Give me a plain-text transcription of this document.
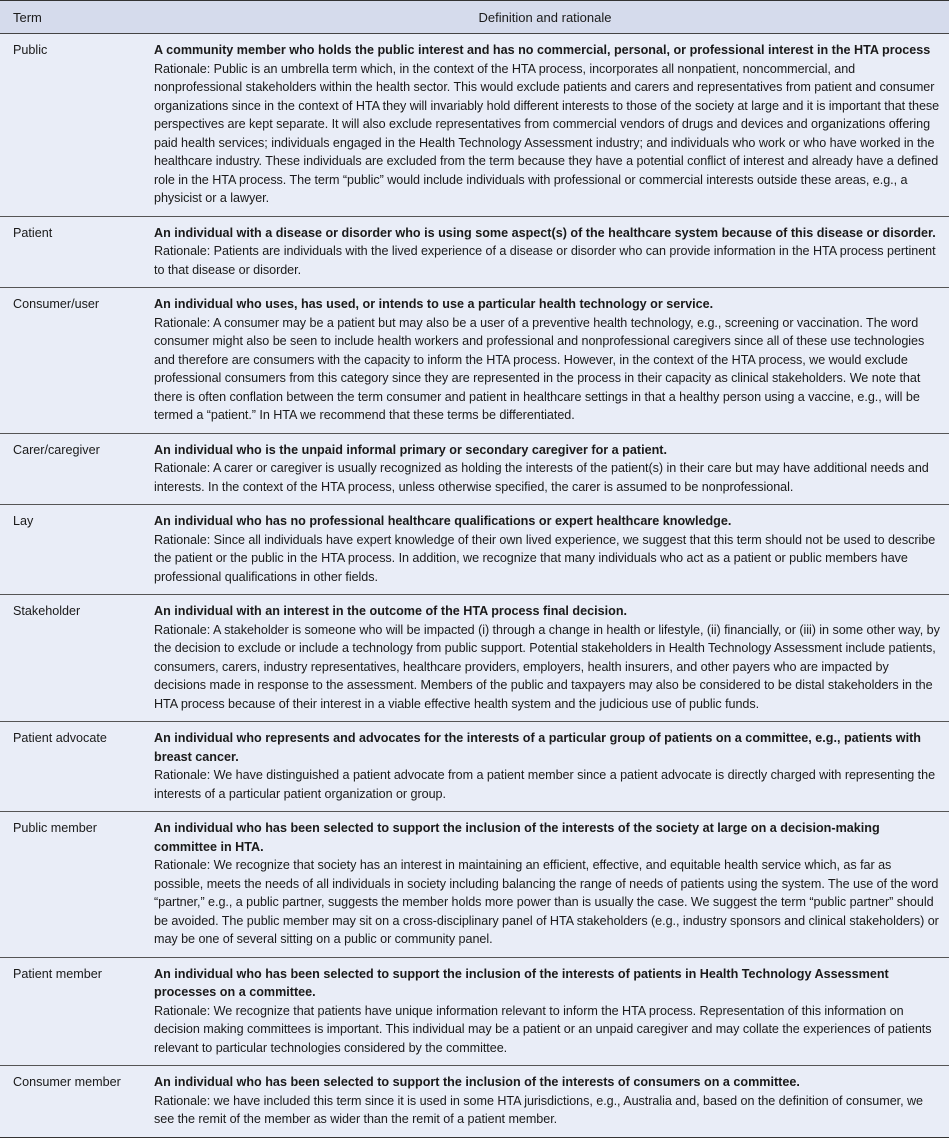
Term	Definition and rationale
Public	A community member who holds the public interest and has no commercial, personal, or professional interest in the HTA process
Rationale: Public is an umbrella term which, in the context of the HTA process, incorporates all nonpatient, noncommercial, and nonprofessional stakeholders within the health sector. This would exclude patients and carers and representatives from patient and consumer organizations since in the context of HTA they will invariably hold different interests to those of the society at large and it is important that these perspectives are kept separate. It will also exclude representatives from commercial vendors of drugs and devices and organizations offering paid health services; individuals engaged in the Health Technology Assessment industry; and individuals who work or who have worked in the healthcare industry. These individuals are excluded from the term because they have a potential conflict of interest and already have a defined role in the HTA process. The term “public” would include individuals with professional or commercial interests outside these areas, e.g., a physicist or a lawyer.

Patient	An individual with a disease or disorder who is using some aspect(s) of the healthcare system because of this disease or disorder.
Rationale: Patients are individuals with the lived experience of a disease or disorder who can provide information in the HTA process pertinent to that disease or disorder.

Consumer/user	An individual who uses, has used, or intends to use a particular health technology or service.
Rationale: A consumer may be a patient but may also be a user of a preventive health technology, e.g., screening or vaccination. The word consumer might also be seen to include health workers and professional and nonprofessional caregivers since all of these use technologies and therefore are consumers with the capacity to inform the HTA process. However, in the context of the HTA process, we would exclude professional consumers from this category since they are represented in the process in their capacity as clinical stakeholders. We note that there is often conflation between the term consumer and patient in healthcare settings in that a healthy person using a vaccine, e.g., will be termed a “patient.” In HTA we recommend that these terms be differentiated.

Carer/caregiver	An individual who is the unpaid informal primary or secondary caregiver for a patient.
Rationale: A carer or caregiver is usually recognized as holding the interests of the patient(s) in their care but may have additional needs and interests. In the context of the HTA process, unless otherwise specified, the carer is assumed to be nonprofessional.

Lay	An individual who has no professional healthcare qualifications or expert healthcare knowledge.
Rationale: Since all individuals have expert knowledge of their own lived experience, we suggest that this term should not be used to describe the patient or the public in the HTA process. In addition, we recognize that many individuals who act as a patient or public members have professional qualifications in other fields.

Stakeholder	An individual with an interest in the outcome of the HTA process final decision.
Rationale: A stakeholder is someone who will be impacted (i) through a change in health or lifestyle, (ii) financially, or (iii) in some other way, by the decision to exclude or include a technology from public support. Potential stakeholders in Health Technology Assessment include patients, consumers, carers, industry representatives, healthcare providers, employers, health insurers, and other payers who are impacted by decisions made in response to the assessment. Members of the public and taxpayers may also be considered to be distal stakeholders in the HTA process because of their interest in a viable effective health system and the judicious use of public funds.

Patient advocate	An individual who represents and advocates for the interests of a particular group of patients on a committee, e.g., patients with breast cancer.
Rationale: We have distinguished a patient advocate from a patient member since a patient advocate is directly charged with representing the interests of a particular patient organization or group.

Public member	An individual who has been selected to support the inclusion of the interests of the society at large on a decision-making committee in HTA.
Rationale: We recognize that society has an interest in maintaining an efficient, effective, and equitable health service which, as far as possible, meets the needs of all individuals in society including balancing the range of needs of patients using the system. The use of the word “partner,” e.g., a public partner, suggests the member holds more power than is usually the case. We suggest the term “public partner” should be avoided. The public member may sit on a cross-disciplinary panel of HTA stakeholders (e.g., industry sponsors and clinical stakeholders) or may be one of several sitting on a public or community panel.

Patient member	An individual who has been selected to support the inclusion of the interests of patients in Health Technology Assessment processes on a committee.
Rationale: We recognize that patients have unique information relevant to inform the HTA process. Representation of this information on decision making committees is important. This individual may be a patient or an unpaid caregiver and may collate the experiences of patients relevant to particular technologies considered by the committee.

Consumer member	An individual who has been selected to support the inclusion of the interests of consumers on a committee.
Rationale: we have included this term since it is used in some HTA jurisdictions, e.g., Australia and, based on the definition of consumer, we see the remit of the member as wider than the remit of a patient member.
